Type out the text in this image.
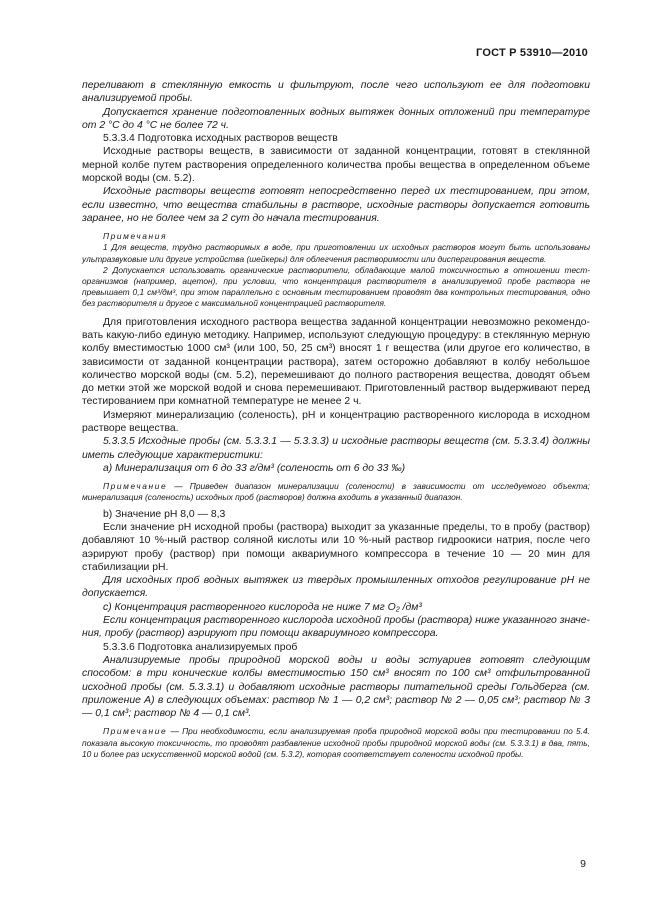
ГОСТ Р 53910—2010

переливают в стеклянную емкость и фильтруют, после чего используют ее для подготовки анализируемой пробы.

Допускается хранение подготовленных водных вытяжек донных отложений при температуре от 2 °С до 4 °С не более 72 ч.

5.3.3.4 Подготовка исходных растворов веществ

Исходные растворы веществ, в зависимости от заданной концентрации, готовят в стеклянной мерной колбе путем растворения определенного количества пробы вещества в определенном объеме морской воды (см. 5.2).

Исходные растворы веществ готовят непосредственно перед их тестированием, при этом, если известно, что вещества стабильны в растворе, исходные растворы допускается готовить заранее, но не более чем за 2 сут до начала тестирования.

Примечания

1 Для веществ, трудно растворимых в воде, при приготовлении их исходных растворов могут быть использованы ультразвуковые или другие устройства (шейкеры) для облегчения растворимости или диспергирования веществ.

2 Допускается использовать органические растворители, обладающие малой токсичностью в отношении тест-организмов (например, ацетон), при условии, что концентрация растворителя в анализируемой пробе раствора не превышает 0,1 см³/дм³, при этом параллельно с основным тестированием проводят два контрольных тестирования, одно без растворителя и другое с максимальной концентрацией растворителя.

Для приготовления исходного раствора вещества заданной концентрации невозможно рекомендовать какую-либо единую методику. Например, используют следующую процедуру: в стеклянную мерную колбу вместимостью 1000 см³ (или 100, 50, 25 см³) вносят 1 г вещества (или другое его количество, в зависимости от заданной концентрации раствора), затем осторожно добавляют в колбу небольшое количество морской воды (см. 5.2), перемешивают до полного растворения вещества, доводят объем до метки этой же морской водой и снова перемешивают. Приготовленный раствор выдерживают перед тестированием при комнатной температуре не менее 2 ч.

Измеряют минерализацию (соленость), pH и концентрацию растворенного кислорода в исходном растворе вещества.

5.3.3.5 Исходные пробы (см. 5.3.3.1 — 5.3.3.3) и исходные растворы веществ (см. 5.3.3.4) должны иметь следующие характеристики:

а) Минерализация от 6 до 33 г/дм³ (соленость от 6 до 33 ‰)

Примечание — Приведен диапазон минерализации (солености) в зависимости от исследуемого объекта; минерализация (соленость) исходных проб (растворов) должна входить в указанный диапазон.

b) Значение pH 8,0 — 8,3

Если значение pH исходной пробы (раствора) выходит за указанные пределы, то в пробу (раствор) добавляют 10 %-ный раствор соляной кислоты или 10 %-ный раствор гидроокиси натрия, после чего аэрируют пробу (раствор) при помощи аквариумного компрессора в течение 10 — 20 мин для стабилизации pH.

Для исходных проб водных вытяжек из твердых промышленных отходов регулирование pH не допускается.

с) Концентрация растворенного кислорода не ниже 7 мг O₂ /дм³

Если концентрация растворенного кислорода исходной пробы (раствора) ниже указанного значения, пробу (раствор) аэрируют при помощи аквариумного компрессора.

5.3.3.6 Подготовка анализируемых проб

Анализируемые пробы природной морской воды и воды эстуариев готовят следующим способом: в три конические колбы вместимостью 150 см³ вносят по 100 см³ отфильтрованной исходной пробы (см. 5.3.3.1) и добавляют исходные растворы питательной среды Гольдберга (см. приложение А) в следующих объемах: раствор № 1 — 0,2 см³; раствор № 2 — 0,05 см³; раствор № 3 — 0,1 см³; раствор № 4 — 0,1 см³.

Примечание — При необходимости, если анализируемая проба природной морской воды при тестировании по 5.4. показала высокую токсичность, то проводят разбавление исходной пробы природной морской воды (см. 5.3.3.1) в два, пять, 10 и более раз искусственной морской водой (см. 5.3.2), которая соответствует солености исходной пробы.

9
